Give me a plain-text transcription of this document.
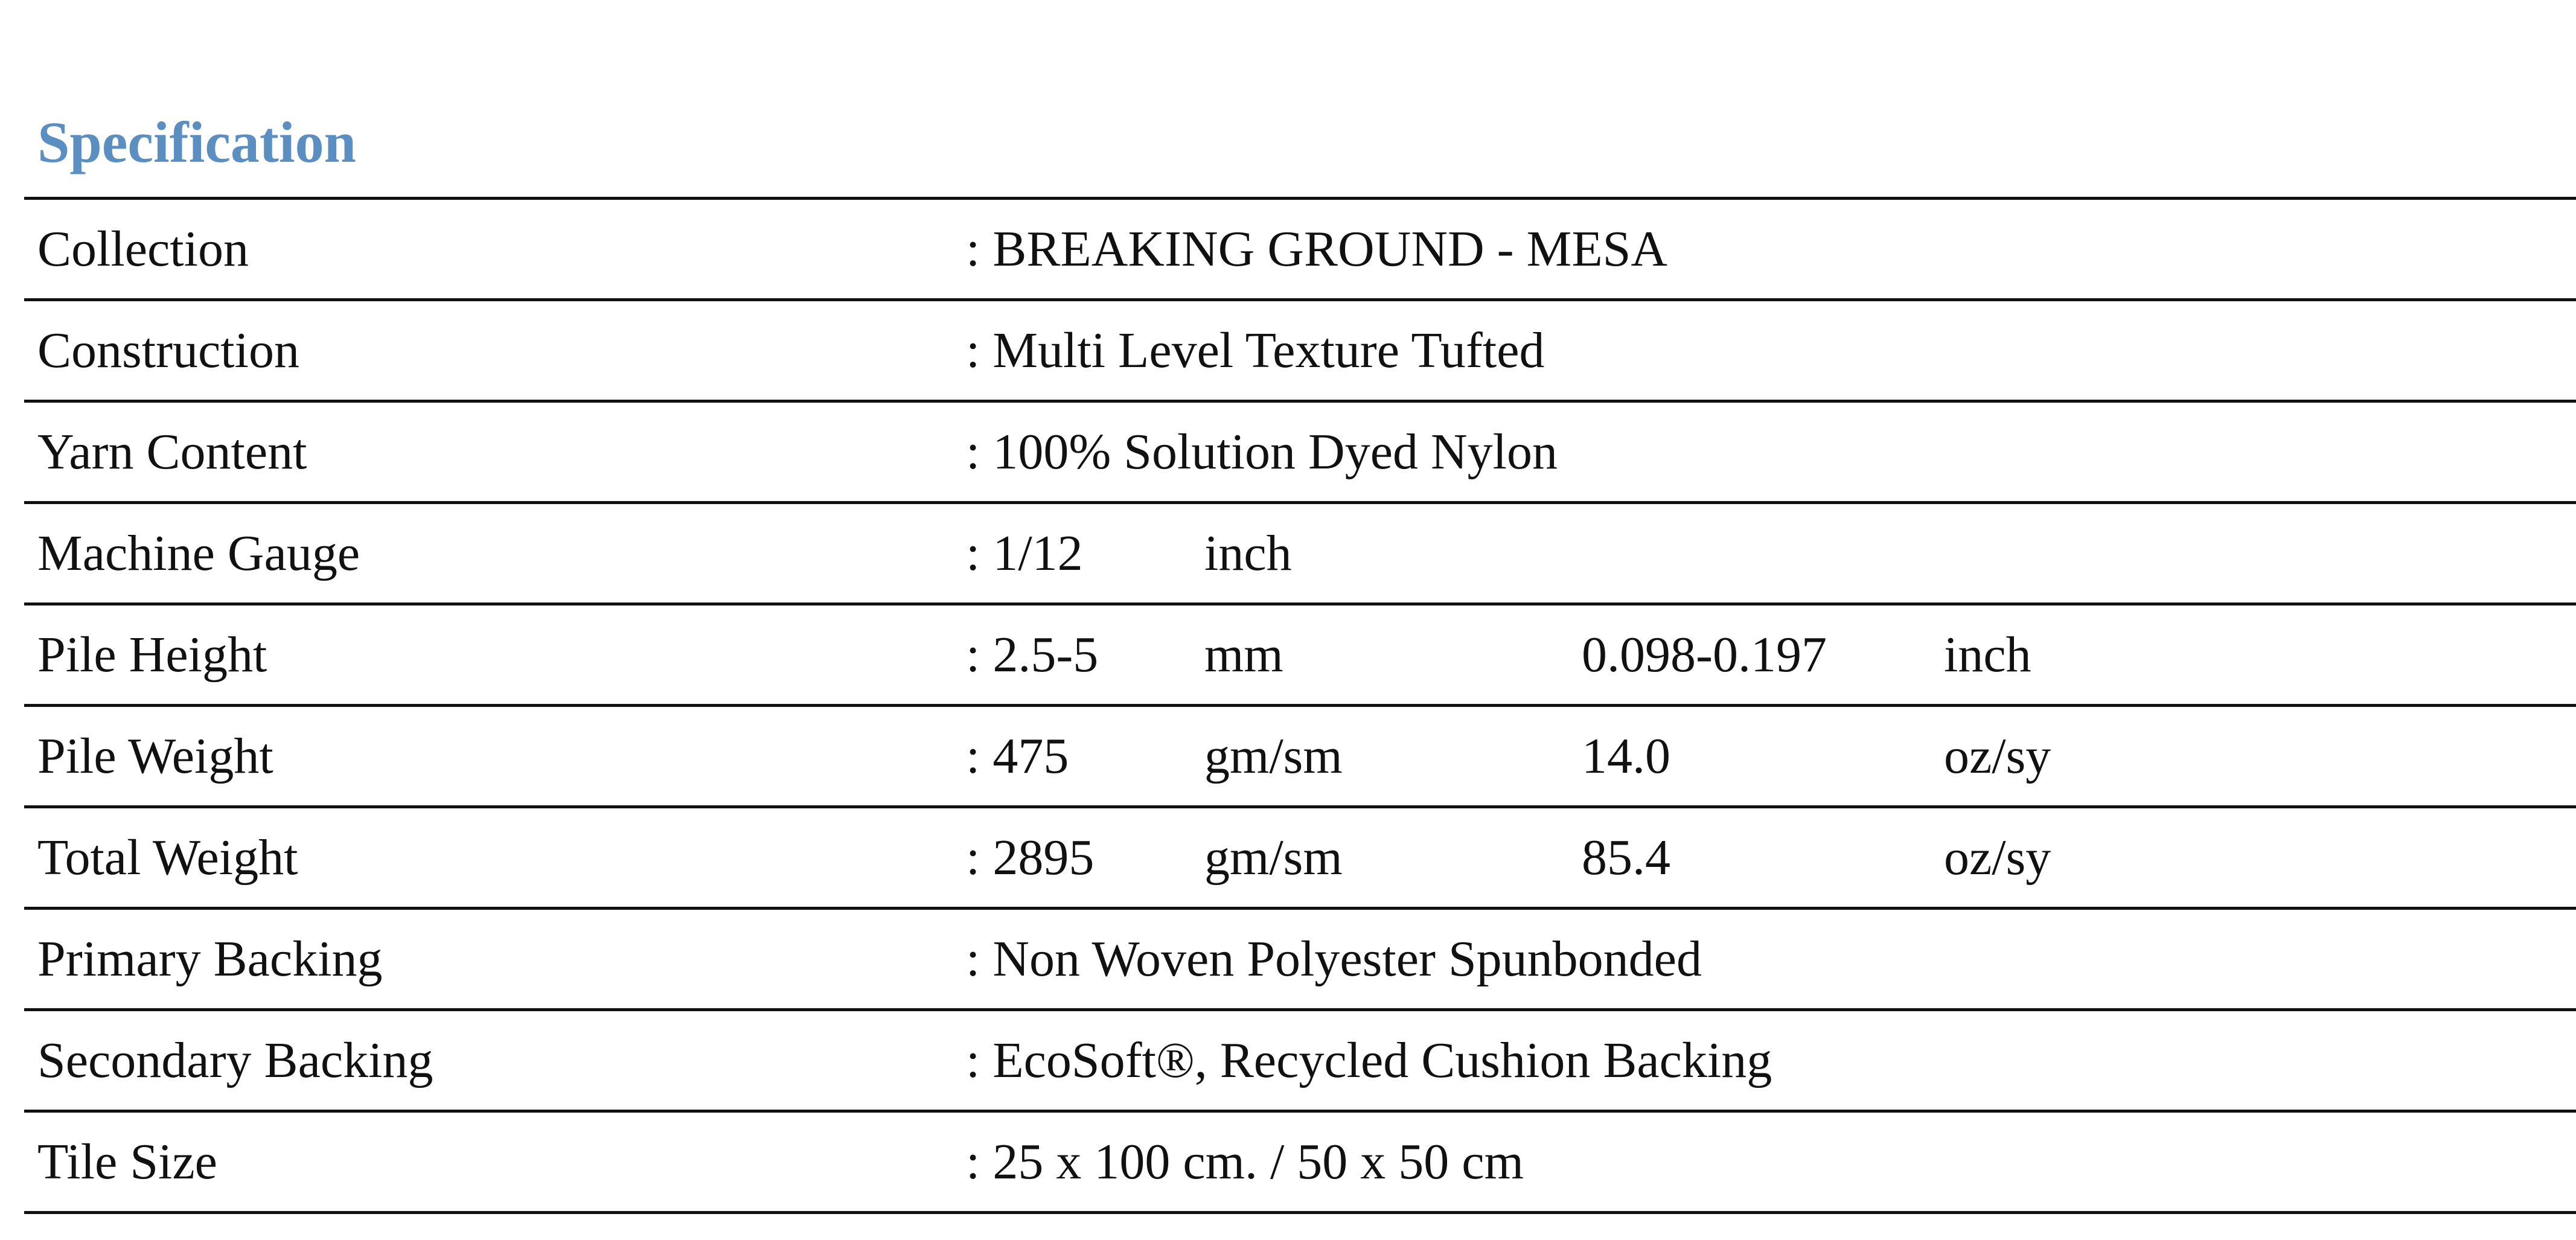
Specification
Collection	: BREAKING GROUND - MESA
Construction	: Multi Level Texture Tufted
Yarn Content	: 100% Solution Dyed Nylon
Machine Gauge	: 1/12 inch
Pile Height	: 2.5-5 mm	0.098-0.197 inch
Pile Weight	: 475	gm/sm	14.0	oz/sy
Total Weight	: 2895 gm/sm	85.4	oz/sy
Primary Backing	: Non Woven Polyester Spunbonded
Secondary Backing	: EcoSoft®, Recycled Cushion Backing
Tile Size	: 25 x 100 cm. / 50 x 50 cm
